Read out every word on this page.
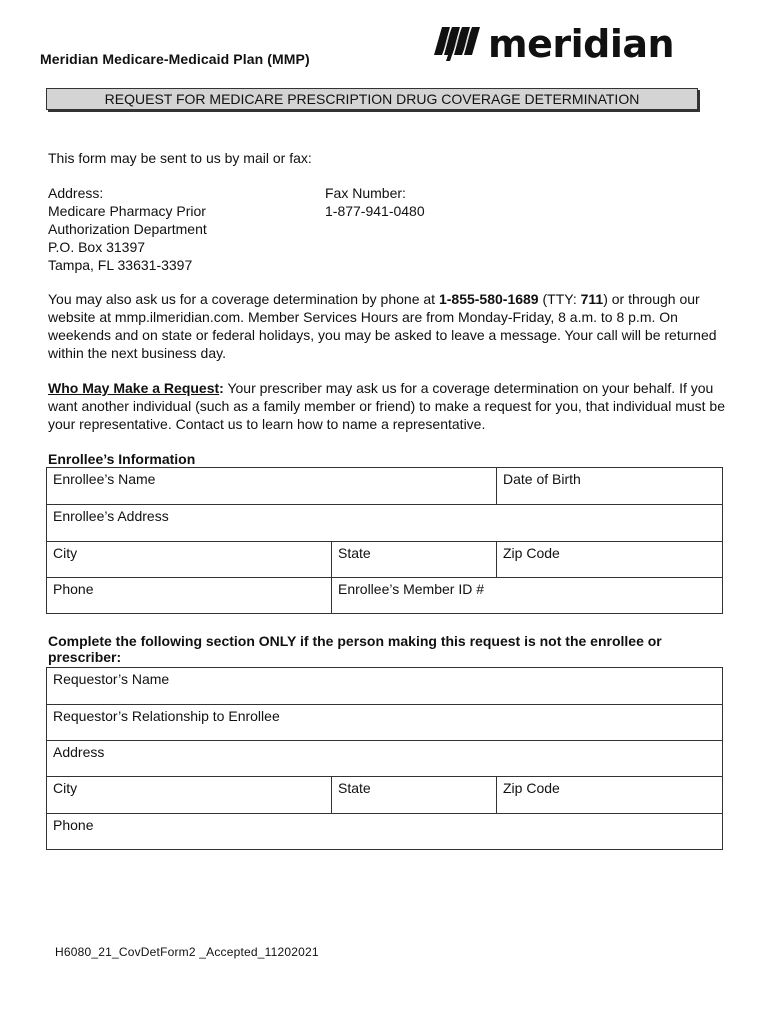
Meridian Medicare-Medicaid Plan (MMP)	meridian
REQUEST FOR MEDICARE PRESCRIPTION DRUG COVERAGE DETERMINATION
This form may be sent to us by mail or fax:
Address:
Medicare Pharmacy Prior
Authorization Department
P.O. Box 31397
Tampa, FL 33631-3397
Fax Number:
1-877-941-0480
You may also ask us for a coverage determination by phone at 1-855-580-1689 (TTY: 711) or through our website at mmp.ilmeridian.com. Member Services Hours are from Monday-Friday, 8 a.m. to 8 p.m. On weekends and on state or federal holidays, you may be asked to leave a message. Your call will be returned within the next business day.
Who May Make a Request: Your prescriber may ask us for a coverage determination on your behalf. If you want another individual (such as a family member or friend) to make a request for you, that individual must be your representative. Contact us to learn how to name a representative.
Enrollee’s Information
Enrollee’s Name		Date of Birth
Enrollee’s Address		
City	State	Zip Code
Phone	Enrollee’s Member ID #	
Complete the following section ONLY if the person making this request is not the enrollee or prescriber:
Requestor’s Name
Requestor’s Relationship to Enrollee
Address
City	State	Zip Code
Phone
H6080_21_CovDetForm2 _Accepted_11202021
